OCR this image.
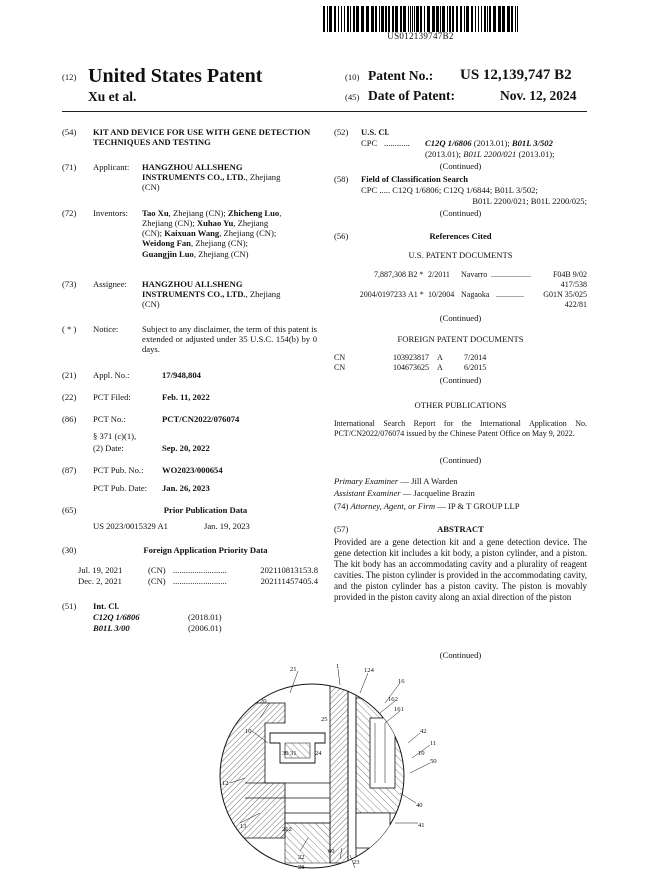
US012139747B2
(12) United States Patent
Xu et al.
(10) Patent No.: US 12,139,747 B2
(45) Date of Patent:	Nov. 12, 2024
(54) KIT AND DEVICE FOR USE WITH GENE DETECTION TECHNIQUES AND TESTING
(71) Applicant: HANGZHOU ALLSHENG
INSTRUMENTS CO., LTD., Zhejiang
(CN)
(72) Inventors: Tao Xu, Zhejiang (CN); Zhicheng Luo,
Zhejiang (CN); Xuhao Yu, Zhejiang
(CN); Kaixuan Wang, Zhejiang (CN);
Weidong Fan, Zhejiang (CN);
Guangjin Luo, Zhejiang (CN)
(73) Assignee: HANGZHOU ALLSHENG
INSTRUMENTS CO., LTD., Zhejiang
(CN)
( * ) Notice:	Subject to any disclaimer, the term of this patent is extended or adjusted under 35 U.S.C. 154(b) by 0 days.
(21) Appl. No.:	17/948,804
(22) PCT Filed:	Feb. 11, 2022
(86) PCT No.:	PCT/CN2022/076074
§ 371 (c)(1),
(2) Date:	Sep. 20, 2022
(87) PCT Pub. No.: WO2023/000654
PCT Pub. Date: Jan. 26, 2023
(65)	Prior Publication Data
US 2023/0015329 A1	Jan. 19, 2023
(30)	Foreign Application Priority Data
Jul. 19, 2021	(CN) .........................	202110813153.8
Dec. 2, 2021	(CN) .........................	202111457405.4
(51) Int. Cl.
C12Q 1/6806	(2018.01)
B01L 3/00	(2006.01)
(52) U.S. Cl.
CPC ............ C12Q 1/6806 (2013.01); B01L 3/502
(2013.01); B01L 2200/021 (2013.01);
(Continued)
(58) Field of Classification Search
CPC ..... C12Q 1/6806; C12Q 1/6844; B01L 3/502;
B01L 2200/021; B01L 2200/025;
(Continued)
(56)	References Cited
U.S. PATENT DOCUMENTS
7,887,308 B2 * 2/2011 Navarro ....................	F04B 9/02
417/538
2004/0197233 A1 * 10/2004 Nagaoka ..............	G01N 35/025
422/81
(Continued)
FOREIGN PATENT DOCUMENTS
CN	103923817 A	7/2014
CN	104673625 A	6/2015
(Continued)
OTHER PUBLICATIONS
International Search Report for the International Application No. PCT/CN2022/076074 issued by the Chinese Patent Office on May 9, 2022.
(Continued)
Primary Examiner — Jill A Warden
Assistant Examiner — Jacqueline Brazin
(74) Attorney, Agent, or Firm — IP & T GROUP LLP
(57)	ABSTRACT
Provided are a gene detection kit and a gene detection device. The gene detection kit includes a kit body, a piston cylinder, and a piston. The kit body has an accommodating cavity and a plurality of reagent cavities. The piston cylinder is provided in the accommodating cavity, and the piston cylinder has a piston cavity. The piston is movably provided in the piston cavity along an axial direction of the piston
(Continued)
21
20
10
1
124
16
162
161
25
30 31	24
42
11
10
50
12
212
22
60
40
41
13
23
28
